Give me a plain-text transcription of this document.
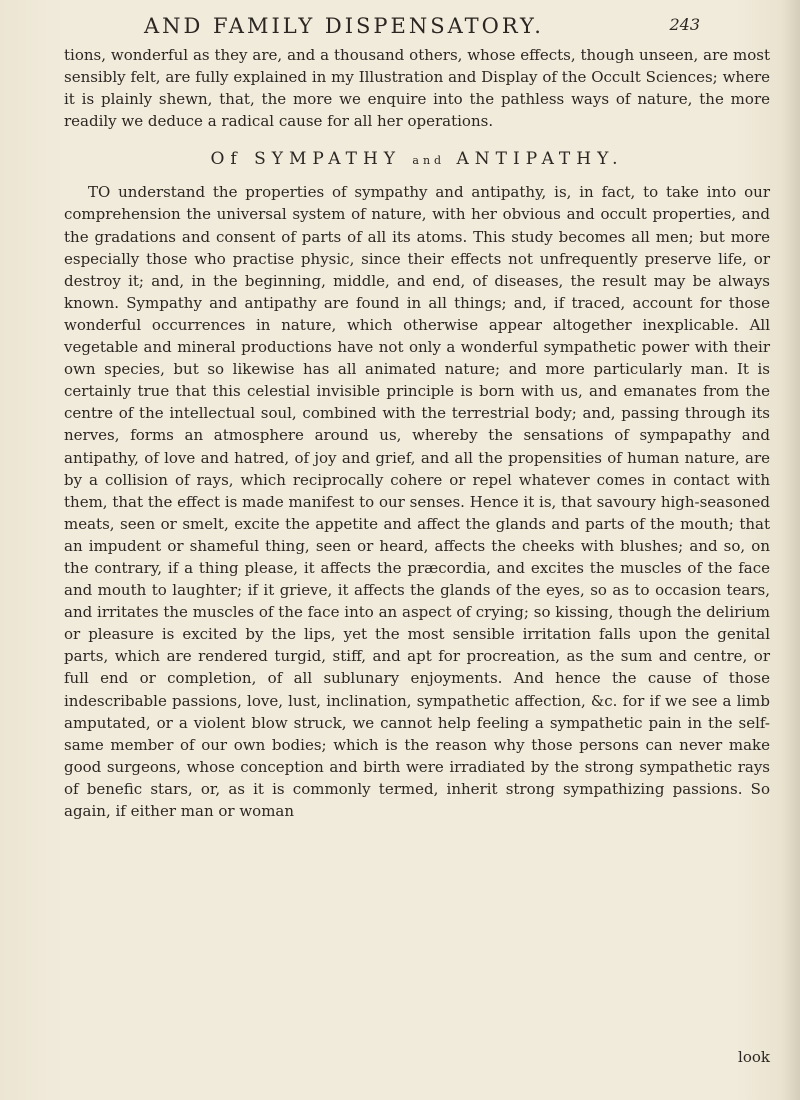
AND FAMILY DISPENSATORY.	243

tions, wonderful as they are, and a thousand others, whose effects, though unseen, are most sensibly felt, are fully explained in my Illustration and Display of the Occult Sciences; where it is plainly shewn, that, the more we enquire into the pathless ways of nature, the more readily we deduce a radical cause for all her operations.

Of SYMPATHY and ANTIPATHY.

TO understand the properties of sympathy and antipathy, is, in fact, to take into our comprehension the universal system of nature, with her obvious and occult properties, and the gradations and consent of parts of all its atoms. This study becomes all men; but more especially those who practise physic, since their effects not unfrequently preserve life, or destroy it; and, in the beginning, middle, and end, of diseases, the result may be always known. Sympathy and antipathy are found in all things; and, if traced, account for those wonderful occurrences in nature, which otherwise appear altogether inexplicable. All vegetable and mineral productions have not only a wonderful sympathetic power with their own species, but so likewise has all animated nature; and more particularly man. It is certainly true that this celestial invisible principle is born with us, and emanates from the centre of the intellectual soul, combined with the terrestrial body; and, passing through its nerves, forms an atmosphere around us, whereby the sensations of sympapathy and antipathy, of love and hatred, of joy and grief, and all the propensities of human nature, are by a collision of rays, which reciprocally cohere or repel whatever comes in contact with them, that the effect is made manifest to our senses. Hence it is, that savoury high-seasoned meats, seen or smelt, excite the appetite and affect the glands and parts of the mouth; that an impudent or shameful thing, seen or heard, affects the cheeks with blushes; and so, on the contrary, if a thing please, it affects the præcordia, and excites the muscles of the face and mouth to laughter; if it grieve, it affects the glands of the eyes, so as to occasion tears, and irritates the muscles of the face into an aspect of crying; so kissing, though the delirium or pleasure is excited by the lips, yet the most sensible irritation falls upon the genital parts, which are rendered turgid, stiff, and apt for procreation, as the sum and centre, or full end or completion, of all sublunary enjoyments. And hence the cause of those indescribable passions, love, lust, inclination, sympathetic affection, &c. for if we see a limb amputated, or a violent blow struck, we cannot help feeling a sympathetic pain in the self-same member of our own bodies; which is the reason why those persons can never make good surgeons, whose conception and birth were irradiated by the strong sympathetic rays of benefic stars, or, as it is commonly termed, inherit strong sympathizing passions. So again, if either man or woman

look
